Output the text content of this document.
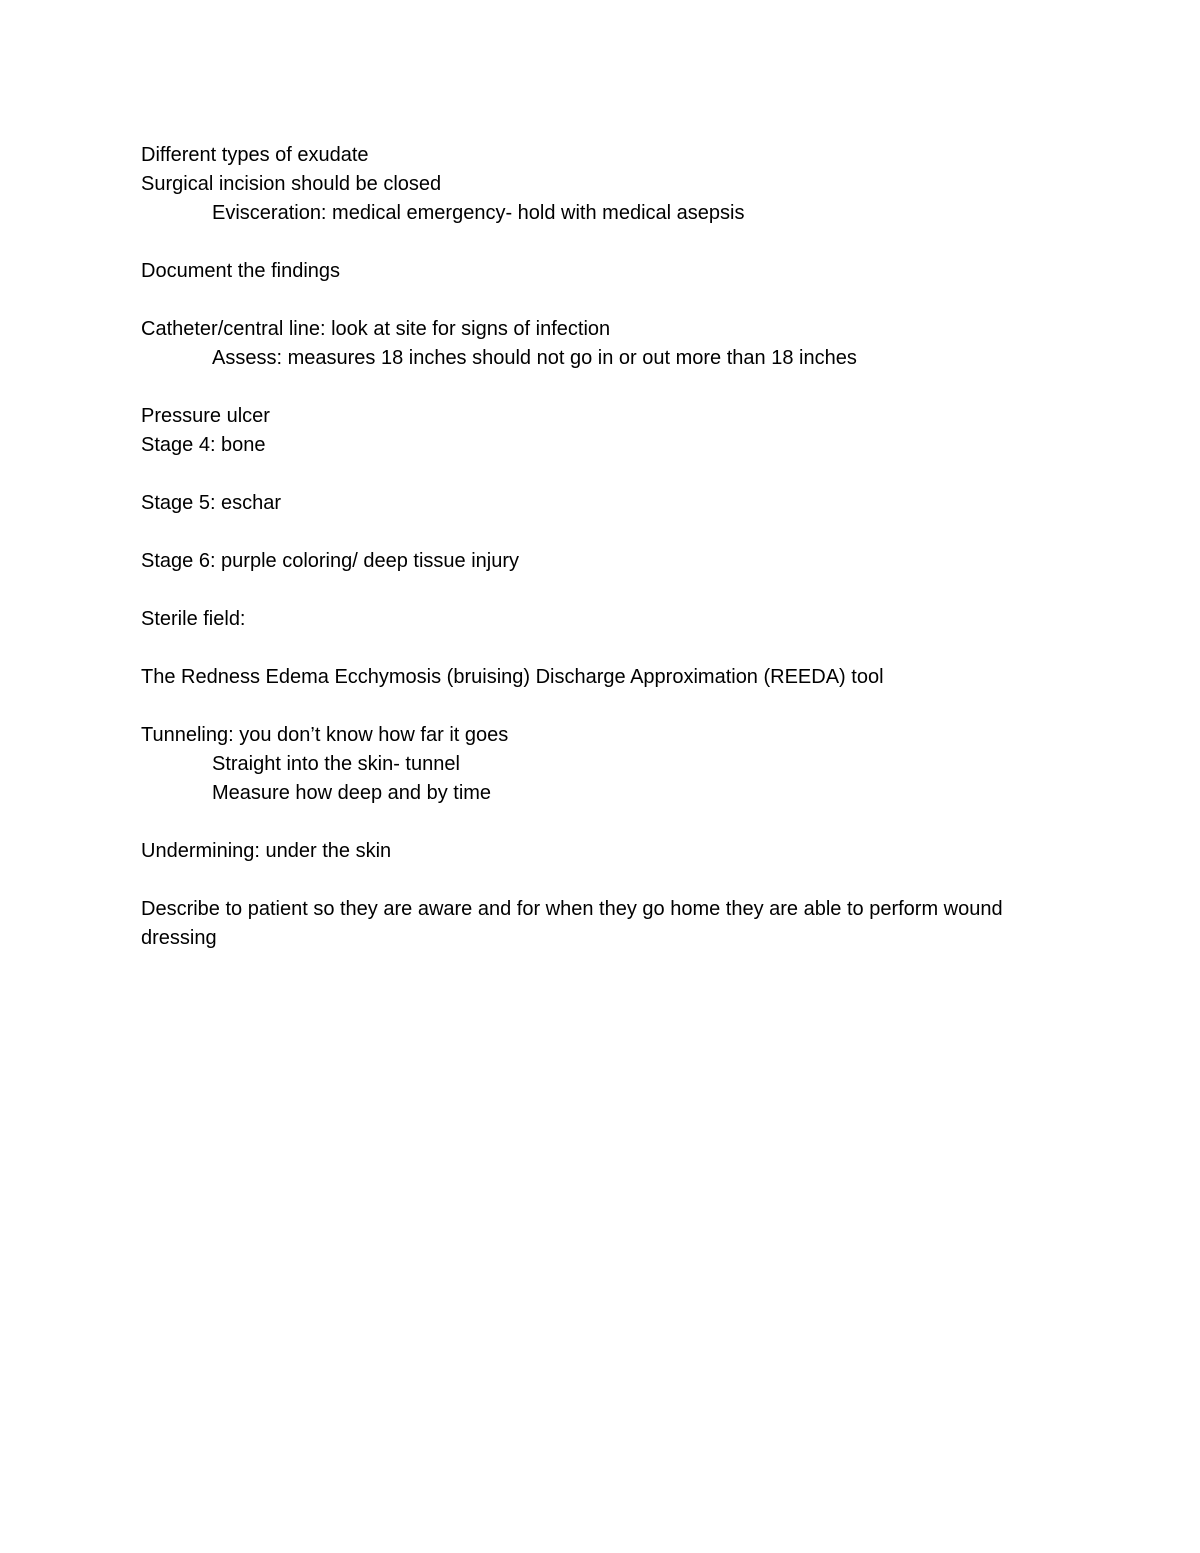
Different types of exudate
Surgical incision should be closed
Evisceration: medical emergency- hold with medical asepsis
Document the findings
Catheter/central line: look at site for signs of infection
Assess: measures 18 inches should not go in or out more than 18 inches
Pressure ulcer
Stage 4: bone
Stage 5: eschar
Stage 6: purple coloring/ deep tissue injury
Sterile field:
The Redness Edema Ecchymosis (bruising) Discharge Approximation (REEDA) tool
Tunneling: you don’t know how far it goes
Straight into the skin- tunnel
Measure how deep and by time
Undermining: under the skin
Describe to patient so they are aware and for when they go home they are able to perform wound dressing
